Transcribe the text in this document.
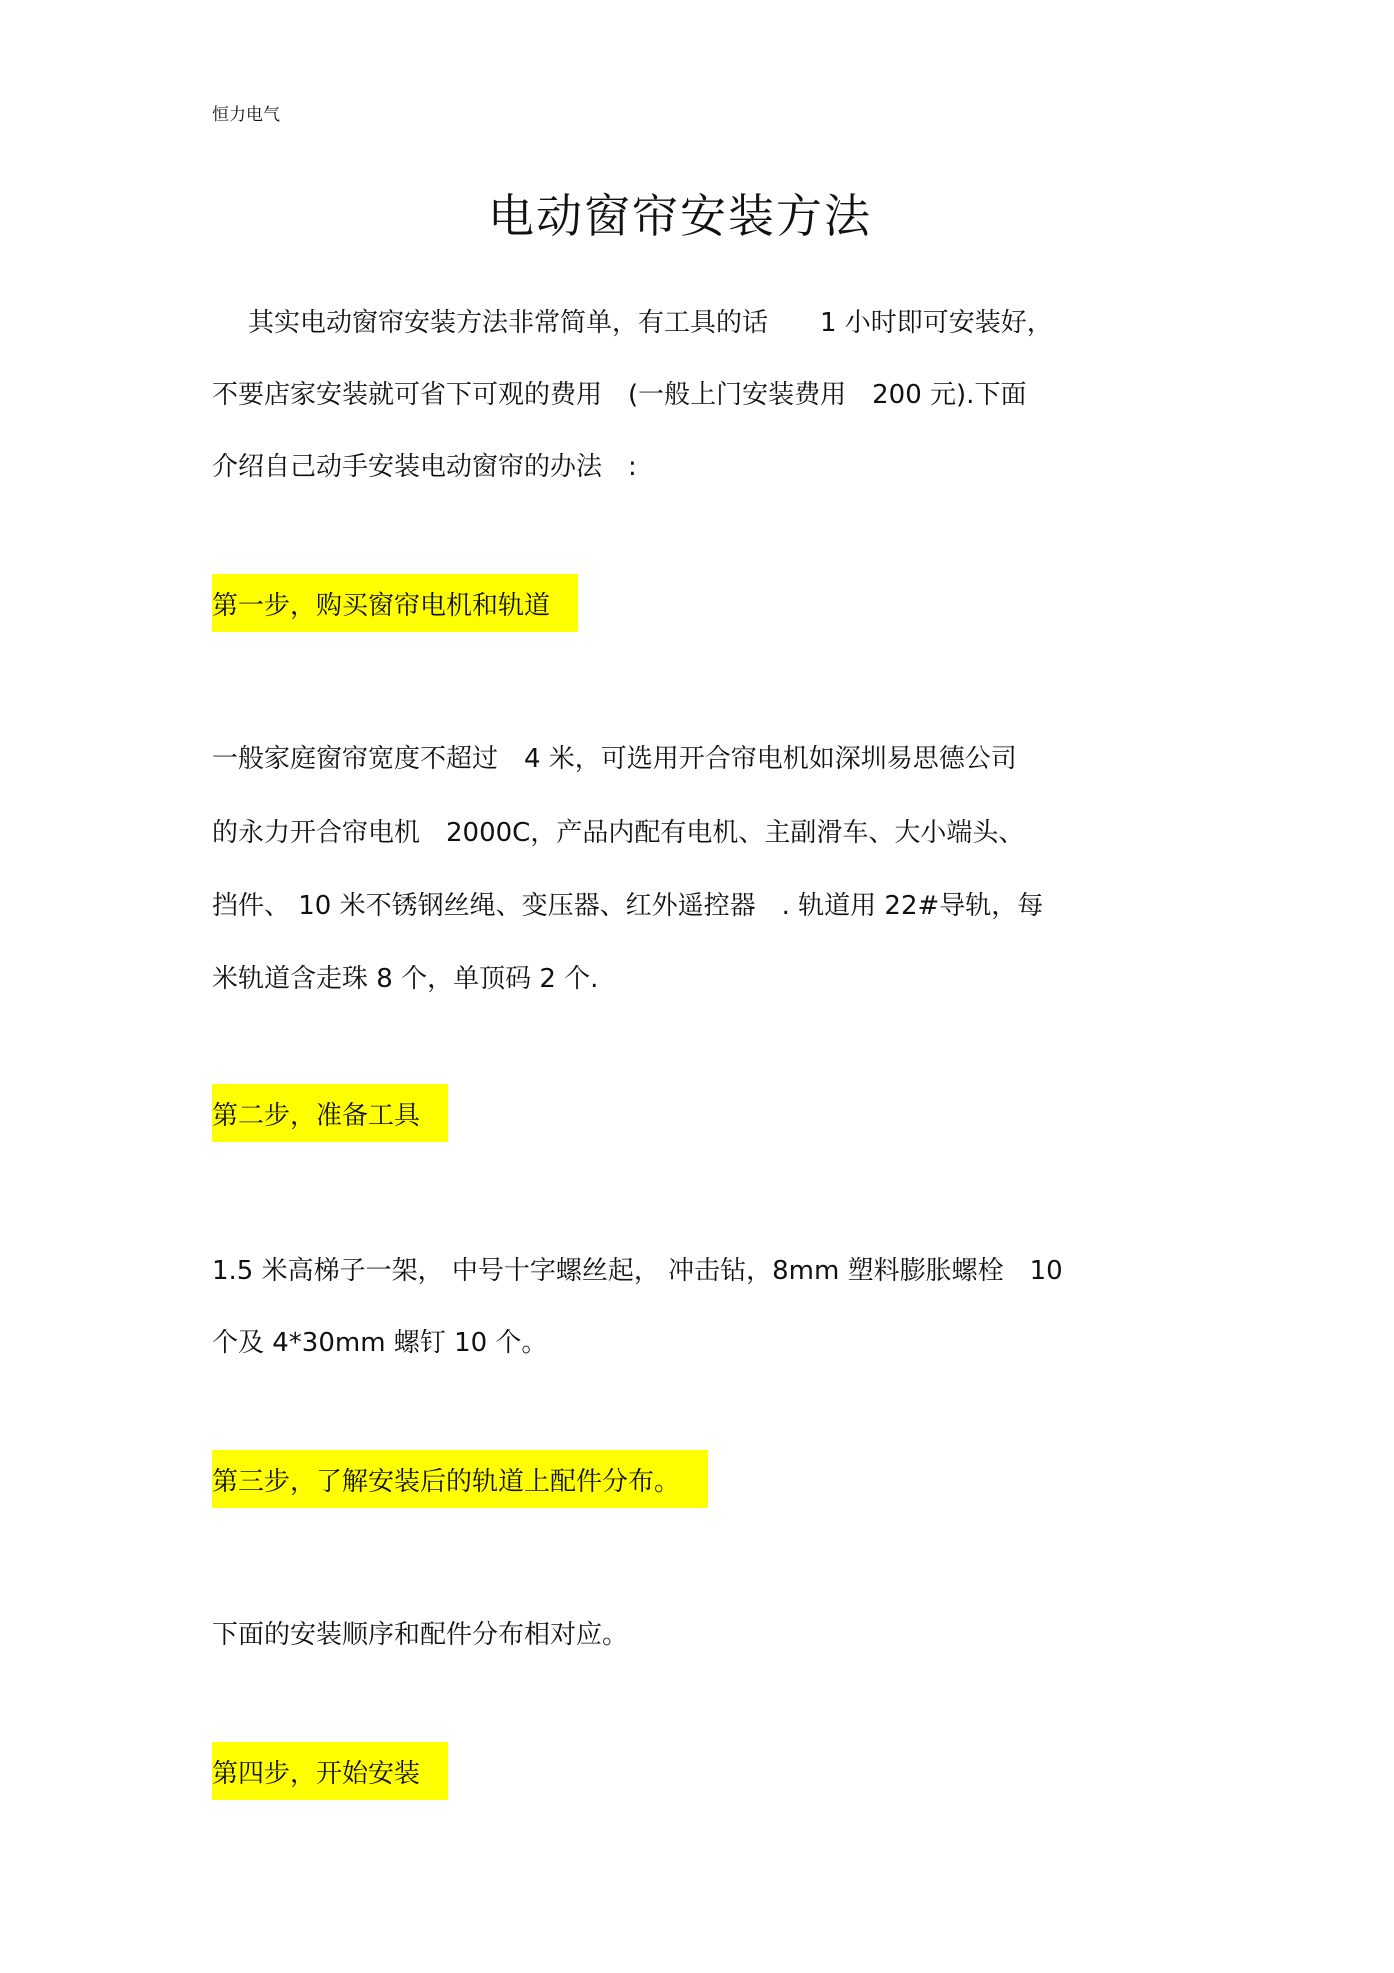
恒力电气
电动窗帘安装方法
其实电动窗帘安装方法非常简单，有工具的话　　1 小时即可安装好，
不要店家安装就可省下可观的费用　(一般上门安装费用　200 元).下面
介绍自己动手安装电动窗帘的办法　:
第一步，购买窗帘电机和轨道
一般家庭窗帘宽度不超过　4 米，可选用开合帘电机如深圳易思德公司
的永力开合帘电机　2000C，产品内配有电机、主副滑车、大小端头、
挡件、 10 米不锈钢丝绳、变压器、红外遥控器　. 轨道用 22#导轨，每
米轨道含走珠 8 个，单顶码 2 个.
第二步，准备工具
1.5 米高梯子一架， 中号十字螺丝起， 冲击钻，8mm 塑料膨胀螺栓　10
个及 4*30mm 螺钉 10 个。
第三步，了解安装后的轨道上配件分布。
下面的安装顺序和配件分布相对应。
第四步，开始安装
